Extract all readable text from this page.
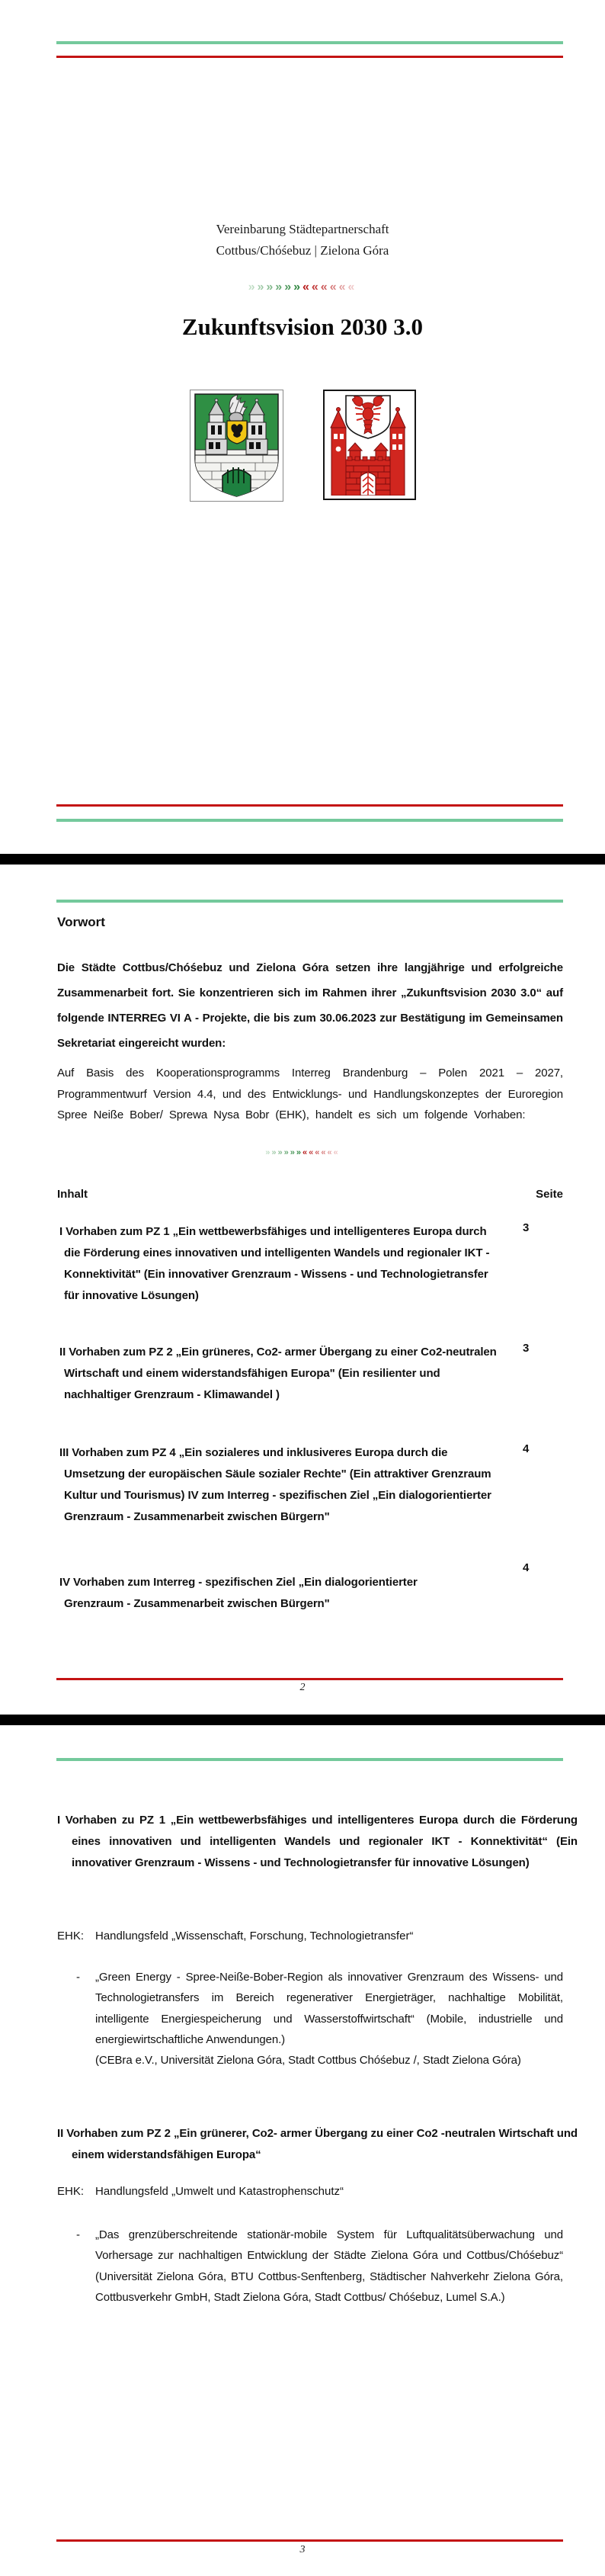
Vereinbarung Städtepartnerschaft
Cottbus/Chóśebuz | Zielona Góra
»»»»»»««««««
Zukunftsvision 2030 3.0
Vorwort
Die Städte Cottbus/Chóśebuz und Zielona Góra setzen ihre langjährige und erfolgreiche Zusammenarbeit fort. Sie konzentrieren sich im Rahmen ihrer „Zukunftsvision 2030 3.0“ auf folgende INTERREG VI A - Projekte, die bis zum 30.06.2023 zur Bestätigung im Gemeinsamen Sekretariat eingereicht wurden:
Auf Basis des Kooperationsprogramms Interreg Brandenburg – Polen 2021 – 2027, Programmentwurf Version 4.4, und des Entwicklungs- und Handlungskonzeptes der Euroregion Spree Neiße Bober/ Sprewa Nysa Bobr (EHK), handelt es sich um folgende Vorhaben:
»»»»»»««««««
Inhalt	Seite
I Vorhaben zum PZ 1 „Ein wettbewerbsfähiges und intelligenteres Europa durch die Förderung eines innovativen und intelligenten Wandels und regionaler IKT - Konnektivität" (Ein innovativer Grenzraum - Wissens - und Technologietransfer für innovative Lösungen)
3
II Vorhaben zum PZ 2 „Ein grüneres, Co2- armer Übergang zu einer Co2-neutralen Wirtschaft und einem widerstandsfähigen Europa" (Ein resilienter und nachhaltiger Grenzraum - Klimawandel )
3
III Vorhaben zum PZ 4 „Ein sozialeres und inklusiveres Europa durch die Umsetzung der europäischen Säule sozialer Rechte" (Ein attraktiver Grenzraum Kultur und Tourismus) IV zum Interreg - spezifischen Ziel „Ein dialogorientierter Grenzraum - Zusammenarbeit zwischen Bürgern"
4
IV Vorhaben zum Interreg - spezifischen Ziel „Ein dialogorientierter Grenzraum - Zusammenarbeit zwischen Bürgern"
4
2
I Vorhaben zu PZ 1 „Ein wettbewerbsfähiges und intelligenteres Europa durch die Förderung eines innovativen und intelligenten Wandels und regionaler IKT - Konnektivität“ (Ein innovativer Grenzraum - Wissens - und Technologietransfer für innovative Lösungen)
EHK: Handlungsfeld „Wissenschaft, Forschung, Technologietransfer“
- „Green Energy - Spree-Neiße-Bober-Region als innovativer Grenzraum des Wissens- und Technologietransfers im Bereich regenerativer Energieträger, nachhaltige Mobilität, intelligente Energiespeicherung und Wasserstoffwirtschaft“ (Mobile, industrielle und energiewirtschaftliche Anwendungen.)
(CEBra e.V., Universität Zielona Góra, Stadt Cottbus Chóśebuz /, Stadt Zielona Góra)
II Vorhaben zum PZ 2 „Ein grünerer, Co2- armer Übergang zu einer Co2 -neutralen Wirtschaft und einem widerstandsfähigen Europa“
EHK: Handlungsfeld „Umwelt und Katastrophenschutz“
- „Das grenzüberschreitende stationär-mobile System für Luftqualitätsüberwachung und Vorhersage zur nachhaltigen Entwicklung der Städte Zielona Góra und Cottbus/Chóśebuz“ (Universität Zielona Góra, BTU Cottbus-Senftenberg, Städtischer Nahverkehr Zielona Góra, Cottbusverkehr GmbH, Stadt Zielona Góra, Stadt Cottbus/ Chóśebuz, Lumel S.A.)
3
